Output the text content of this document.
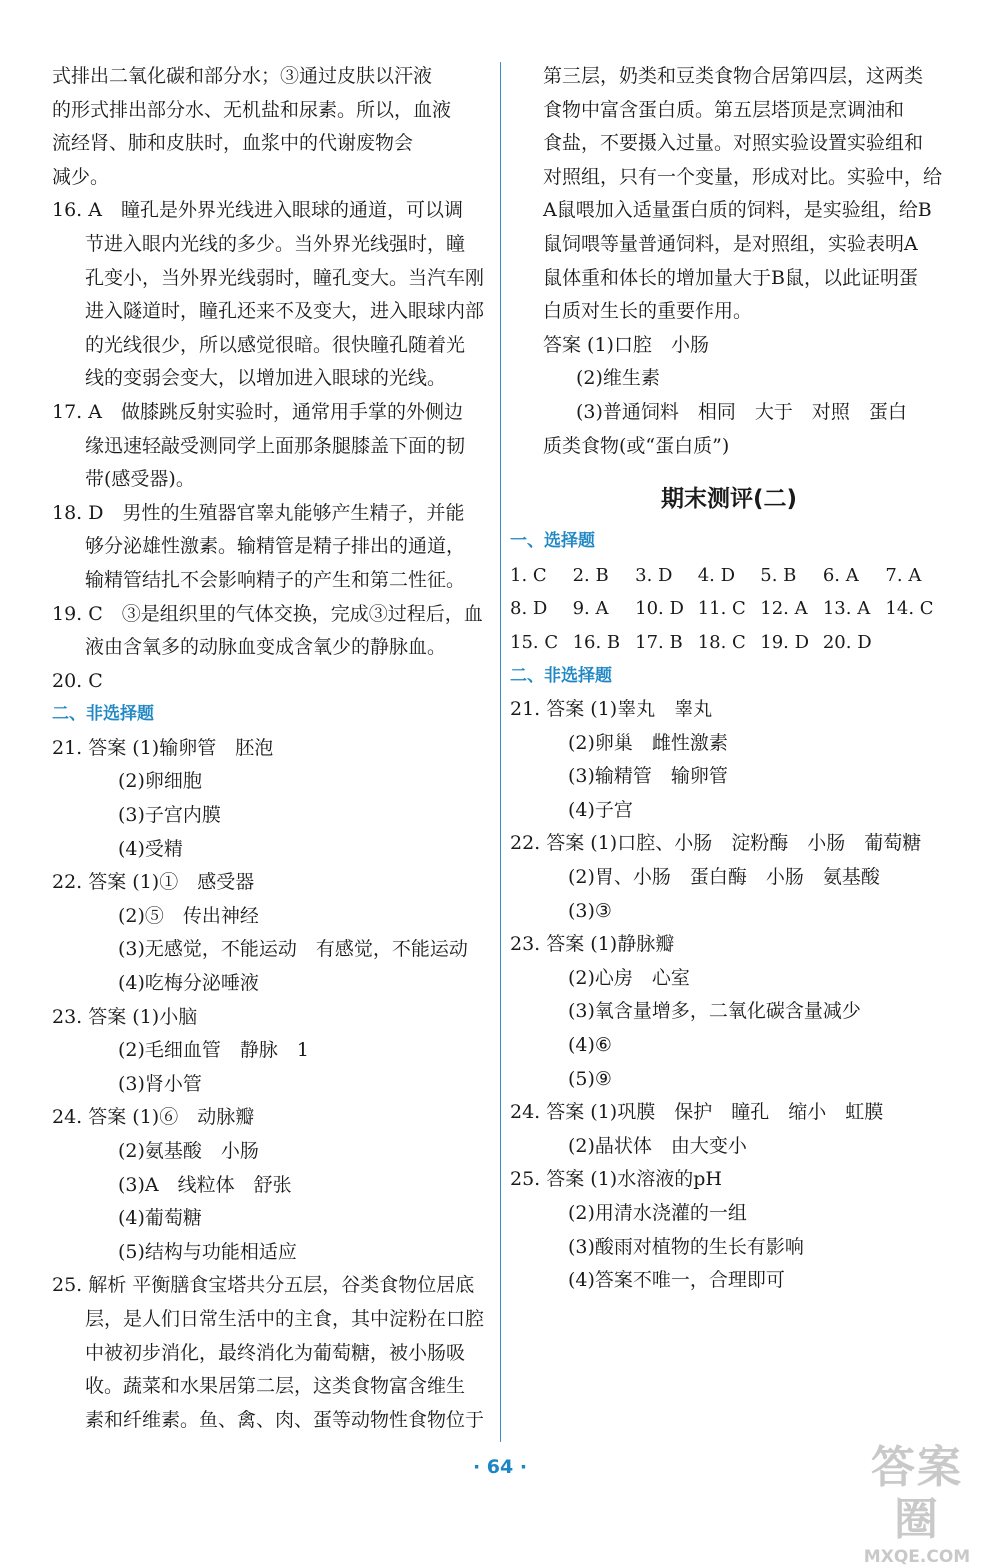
式排出二氧化碳和部分水；③通过皮肤以汗液
的形式排出部分水、无机盐和尿素。所以，血液
流经肾、肺和皮肤时，血浆中的代谢废物会
减少。
16. A　瞳孔是外界光线进入眼球的通道，可以调
节进入眼内光线的多少。当外界光线强时，瞳
孔变小，当外界光线弱时，瞳孔变大。当汽车刚
进入隧道时，瞳孔还来不及变大，进入眼球内部
的光线很少，所以感觉很暗。很快瞳孔随着光
线的变弱会变大，以增加进入眼球的光线。
17. A　做膝跳反射实验时，通常用手掌的外侧边
缘迅速轻敲受测同学上面那条腿膝盖下面的韧
带(感受器)。
18. D　男性的生殖器官睾丸能够产生精子，并能
够分泌雄性激素。输精管是精子排出的通道，
输精管结扎不会影响精子的产生和第二性征。
19. C　③是组织里的气体交换，完成③过程后，血
液由含氧多的动脉血变成含氧少的静脉血。
20. C
二、非选择题
21. 答案 (1)输卵管　胚泡
(2)卵细胞
(3)子宫内膜
(4)受精
22. 答案 (1)①　感受器
(2)⑤　传出神经
(3)无感觉，不能运动　有感觉，不能运动
(4)吃梅分泌唾液
23. 答案 (1)小脑
(2)毛细血管　静脉　1
(3)肾小管
24. 答案 (1)⑥　动脉瓣
(2)氨基酸　小肠
(3)A　线粒体　舒张
(4)葡萄糖
(5)结构与功能相适应
25. 解析 平衡膳食宝塔共分五层，谷类食物位居底
层，是人们日常生活中的主食，其中淀粉在口腔
中被初步消化，最终消化为葡萄糖，被小肠吸
收。蔬菜和水果居第二层，这类食物富含维生
素和纤维素。鱼、禽、肉、蛋等动物性食物位于
第三层，奶类和豆类食物合居第四层，这两类
食物中富含蛋白质。第五层塔顶是烹调油和
食盐，不要摄入过量。对照实验设置实验组和
对照组，只有一个变量，形成对比。实验中，给
A鼠喂加入适量蛋白质的饲料，是实验组，给B
鼠饲喂等量普通饲料，是对照组，实验表明A
鼠体重和体长的增加量大于B鼠，以此证明蛋
白质对生长的重要作用。
答案 (1)口腔　小肠
(2)维生素
(3)普通饲料　相同　大于　对照　蛋白
质类食物(或“蛋白质”)
期末测评(二)
一、选择题
1. C	2. B	3. D	4. D	5. B	6. A	7. A
8. D	9. A	10. D 11. C 12. A 13. A 14. C
15. C 16. B 17. B 18. C 19. D 20. D
二、非选择题
21. 答案 (1)睾丸　睾丸
(2)卵巢　雌性激素
(3)输精管　输卵管
(4)子宫
22. 答案 (1)口腔、小肠　淀粉酶　小肠　葡萄糖
(2)胃、小肠　蛋白酶　小肠　氨基酸
(3)③
23. 答案 (1)静脉瓣
(2)心房　心室
(3)氧含量增多，二氧化碳含量减少
(4)⑥
(5)⑨
24. 答案 (1)巩膜　保护　瞳孔　缩小　虹膜
(2)晶状体　由大变小
25. 答案 (1)水溶液的pH
(2)用清水浇灌的一组
(3)酸雨对植物的生长有影响
(4)答案不唯一，合理即可
· 64 ·	答案圈
MXQE.COM
